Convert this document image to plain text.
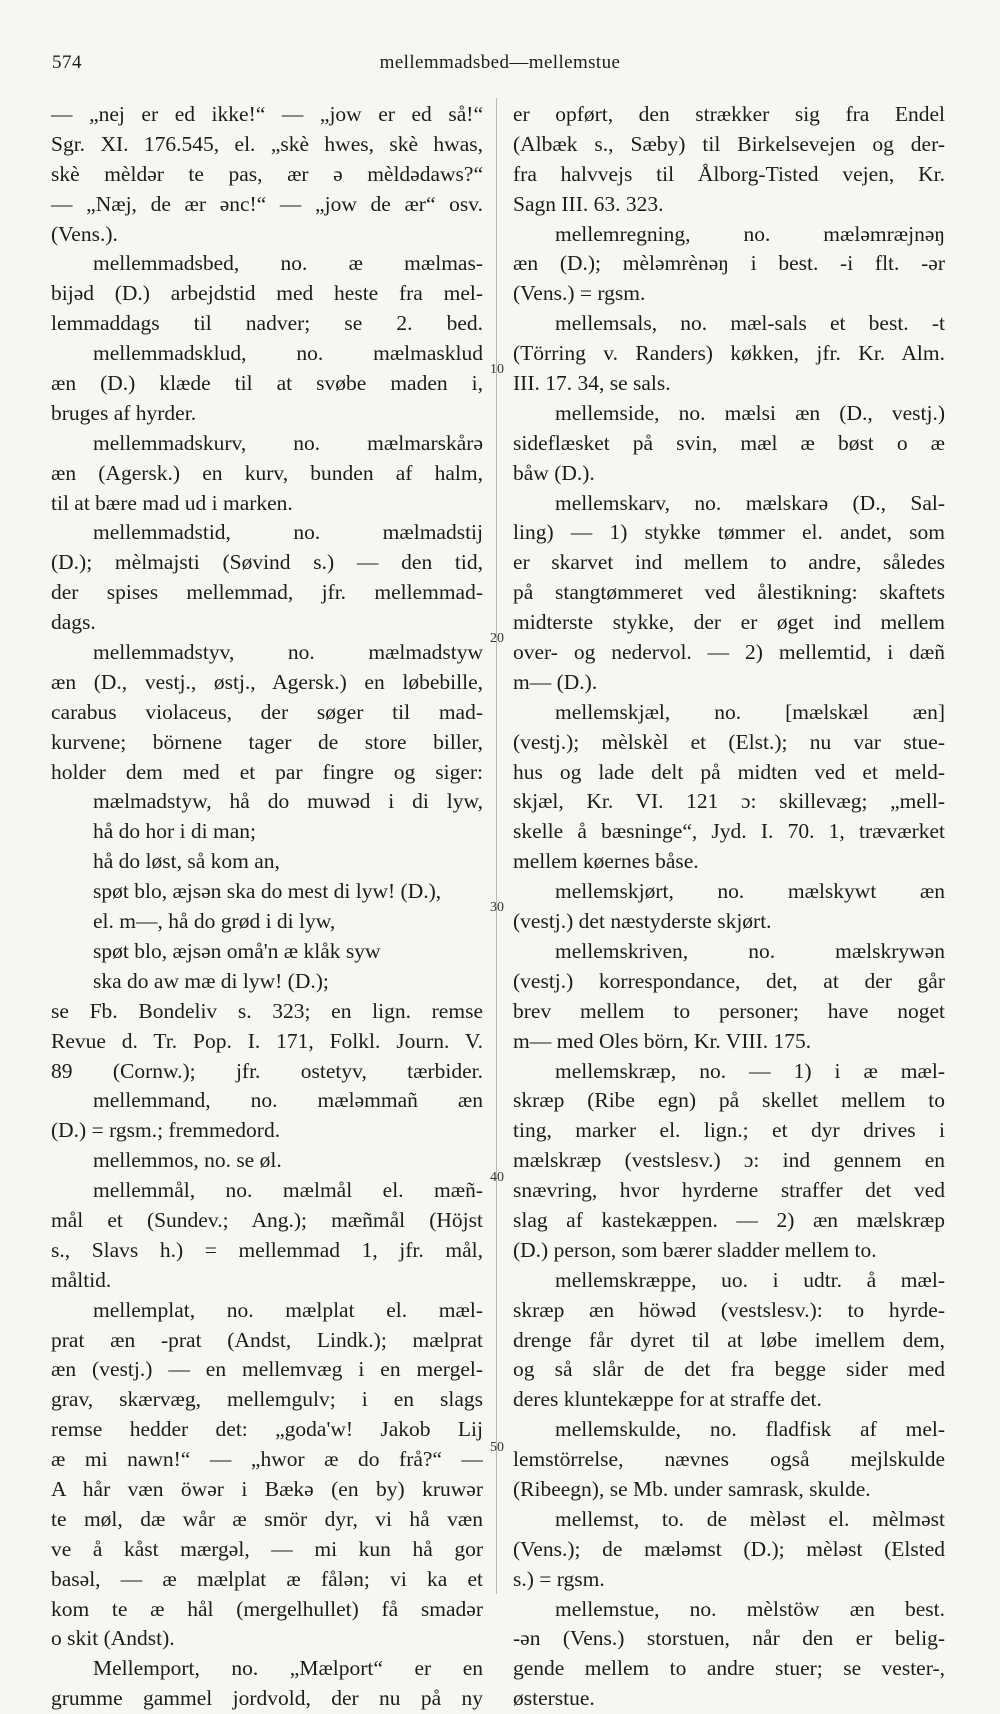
574	mellemmadsbed—mellemstue
— „nej er ed ikke!“ — „jow er ed så!“
Sgr. XI. 176.545, el. „skè hwes, skè hwas,
skè mèldər te pas, ær ə mèldədaws?“
— „Næj, de ær ənc!“ — „jow de ær“ osv.
(Vens.).
mellemmadsbed, no. æ mælmas-
bijəd (D.) arbejdstid med heste fra mel-
lemmaddags til nadver; se 2. bed.
mellemmadsklud, no. mælmasklud
æn (D.) klæde til at svøbe maden i,
bruges af hyrder.
mellemmadskurv, no. mælmarskårə
æn (Agersk.) en kurv, bunden af halm,
til at bære mad ud i marken.
mellemmadstid, no. mælmadstij
(D.); mèlmajsti (Søvind s.) — den tid,
der spises mellemmad, jfr. mellemmad-
dags.
mellemmadstyv, no. mælmadstyw
æn (D., vestj., østj., Agersk.) en løbebille,
carabus violaceus, der søger til mad-
kurvene; börnene tager de store biller,
holder dem med et par fingre og siger:
mælmadstyw, hå do muwəd i di lyw,
hå do hor i di man;
hå do løst, så kom an,
spøt blo, æjsən ska do mest di lyw! (D.),
el. m—, hå do grød i di lyw,
spøt blo, æjsən omå'n æ klåk syw
ska do aw mæ di lyw! (D.);
se Fb. Bondeliv s. 323; en lign. remse
Revue d. Tr. Pop. I. 171, Folkl. Journ. V.
89 (Cornw.); jfr. ostetyv, tærbider.
mellemmand, no. mæləmmañ æn
(D.) = rgsm.; fremmedord.
mellemmos, no. se øl.
mellemmål, no. mælmål el. mæñ-
mål et (Sundev.; Ang.); mæñmål (Höjst
s., Slavs h.) = mellemmad 1, jfr. mål,
måltid.
mellemplat, no. mælplat el. mæl-
prat æn -prat (Andst, Lindk.); mælprat
æn (vestj.) — en mellemvæg i en mergel-
grav, skærvæg, mellemgulv; i en slags
remse hedder det: „goda'w! Jakob Lij
æ mi nawn!“ — „hwor æ do frå?“ —
A hår væn öwər i Bækə (en by) kruwər
te møl, dæ wår æ smör dyr, vi hå væn
ve å kåst mærgəl, — mi kun hå gor
basəl, — æ mælplat æ fålən; vi ka et
kom te æ hål (mergelhullet) få smadər
o skit (Andst).
Mellemport, no. „Mælport“ er en
grumme gammel jordvold, der nu på ny
er opført, den strækker sig fra Endel
(Albæk s., Sæby) til Birkelsevejen og der-
fra halvvejs til Ålborg-Tisted vejen, Kr.
Sagn III. 63. 323.
mellemregning, no. mæləmræjnəŋ
æn (D.); mèləmrènəŋ i best. -i flt. -ər
(Vens.) = rgsm.
mellemsals, no. mæl-sals et best. -t
(Törring v. Randers) køkken, jfr. Kr. Alm.
III. 17. 34, se sals.
mellemside, no. mælsi æn (D., vestj.)
sideflæsket på svin, mæl æ bøst o æ
båw (D.).
mellemskarv, no. mælskarə (D., Sal-
ling) — 1) stykke tømmer el. andet, som
er skarvet ind mellem to andre, således
på stangtømmeret ved ålestikning: skaftets
midterste stykke, der er øget ind mellem
over- og nedervol. — 2) mellemtid, i dæñ
m— (D.).
mellemskjæl, no. [mælskæl æn]
(vestj.); mèlskèl et (Elst.); nu var stue-
hus og lade delt på midten ved et meld-
skjæl, Kr. VI. 121 ɔ: skillevæg; „mell-
skelle å bæsninge“, Jyd. I. 70. 1, træværket
mellem køernes båse.
mellemskjørt, no. mælskywt æn
(vestj.) det næstyderste skjørt.
mellemskriven, no. mælskrywən
(vestj.) korrespondance, det, at der går
brev mellem to personer; have noget
m— med Oles börn, Kr. VIII. 175.
mellemskræp, no. — 1) i æ mæl-
skræp (Ribe egn) på skellet mellem to
ting, marker el. lign.; et dyr drives i
mælskræp (vestslesv.) ɔ: ind gennem en
snævring, hvor hyrderne straffer det ved
slag af kastekæppen. — 2) æn mælskræp
(D.) person, som bærer sladder mellem to.
mellemskræppe, uo. i udtr. å mæl-
skræp æn höwəd (vestslesv.): to hyrde-
drenge får dyret til at løbe imellem dem,
og så slår de det fra begge sider med
deres kluntekæppe for at straffe det.
mellemskulde, no. fladfisk af mel-
lemstörrelse, nævnes også mejlskulde
(Ribeegn), se Mb. under samrask, skulde.
mellemst, to. de mèləst el. mèlməst
(Vens.); de mæləmst (D.); mèləst (Elsted
s.) = rgsm.
mellemstue, no. mèlstöw æn best.
-ən (Vens.) storstuen, når den er belig-
gende mellem to andre stuer; se vester-,
østerstue.
10
20
30
40
50
